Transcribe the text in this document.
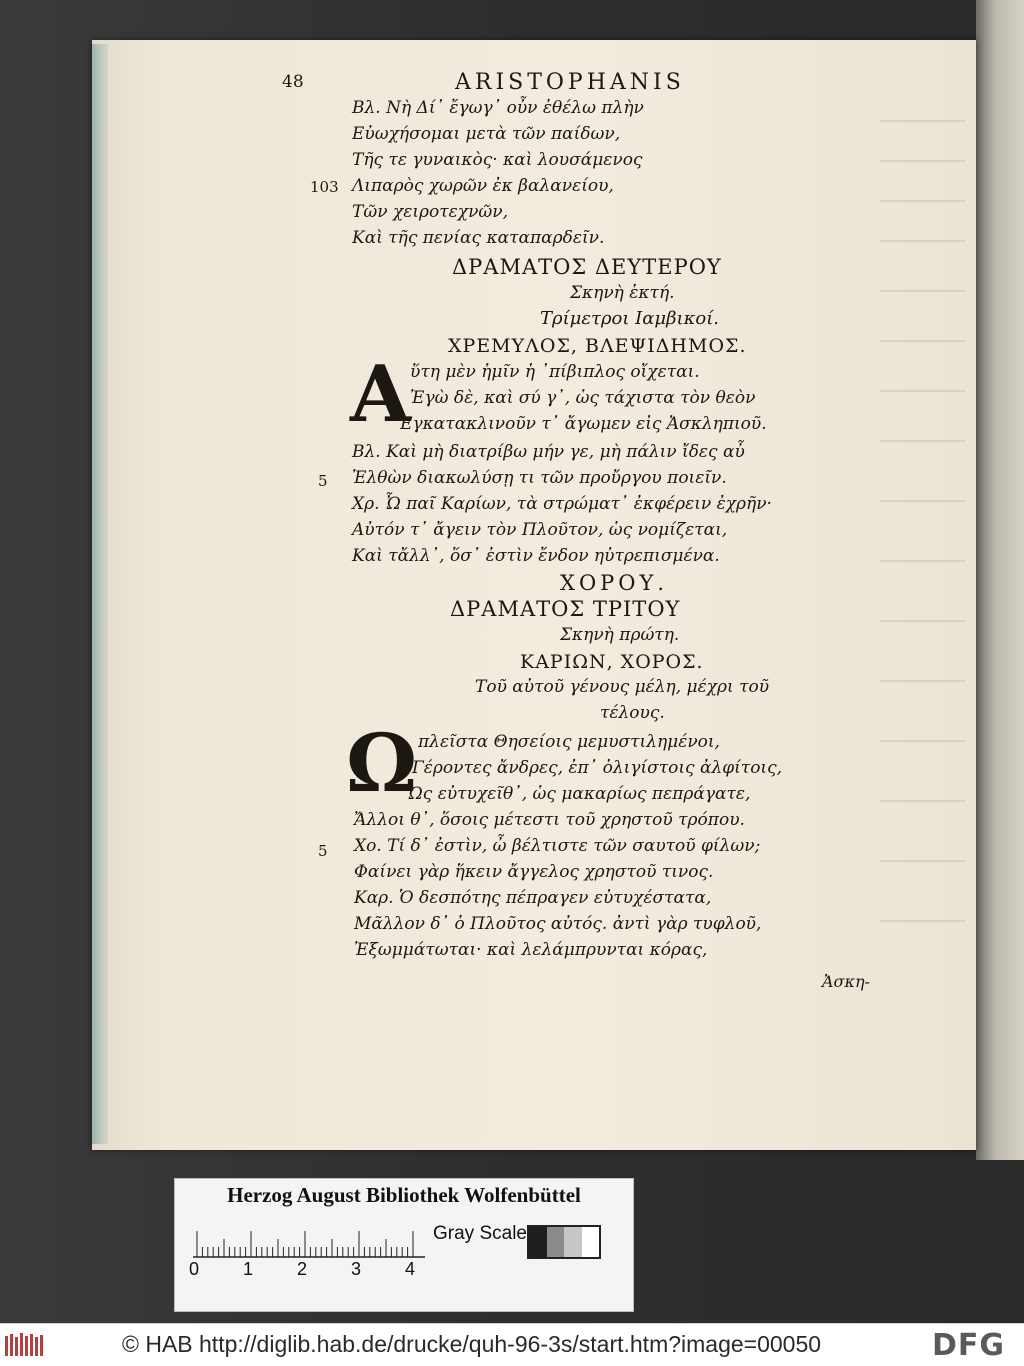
48	ARISTOPHANIS
Βλ. Νὴ Δί᾽ ἔγωγ᾽ οὖν ἐθέλω πλὴν
Εὐωχήσομαι μετὰ τῶν παίδων,
Τῆς τε γυναικὸς· καὶ λουσάμενος
103 Λιπαρὸς χωρῶν ἐκ βαλανείου,
Τῶν χειροτεχνῶν,
Καὶ τῆς πενίας καταπαρδεῖν.
ΔΡΑΜΑΤΟΣ ΔΕΥΤΕΡΟΥ
Σκηνὴ ἑκτή.
Τρίμετροι Ιαμβικοί.
ΧΡΕΜΥΛΟΣ, ΒΛΕΨΙΔΗΜΟΣ.
A ὕτη μὲν ἡμῖν ἡ ᾽πίβιπλος οἴχεται.
Ἐγὼ δὲ, καὶ σύ γ᾽, ὡς τάχιστα τὸν θεὸν
Ἐγκατακλινοῦν τ᾽ ἄγωμεν εἰς Ἀσκληπιοῦ.
Βλ. Καὶ μὴ διατρίβω μήν γε, μὴ πάλιν ἴδες αὖ
5 Ἐλθὼν διακωλύσῃ τι τῶν προὔργου ποιεῖν.
Χρ. Ὦ παῖ Καρίων, τὰ στρώματ᾽ ἐκφέρειν ἐχρῆν·
Αὐτόν τ᾽ ἄγειν τὸν Πλοῦτον, ὡς νομίζεται,
Καὶ τἄλλ᾽, ὅσ᾽ ἐστὶν ἔνδον ηὐτρεπισμένα.
ΧΟΡΟΥ.
ΔΡΑΜΑΤΟΣ ΤΡΙΤΟΥ
Σκηνὴ πρώτη.
ΚΑΡΙΩΝ, ΧΟΡΟΣ.
Τοῦ αὐτοῦ γένους μέλη, μέχρι τοῦ
τέλους.
Ω πλεῖστα Θησείοις μεμυστιλημένοι,
Γέροντες ἄνδρες, ἐπ᾽ ὀλιγίστοις ἀλφίτοις,
Ὡς εὐτυχεῖθ᾽, ὡς μακαρίως πεπράγατε,
Ἄλλοι θ᾽, ὅσοις μέτεστι τοῦ χρηστοῦ τρόπου.
5 Χο. Τί δ᾽ ἐστὶν, ὦ βέλτιστε τῶν σαυτοῦ φίλων;
Φαίνει γὰρ ἥκειν ἄγγελος χρηστοῦ τινος.
Καρ. Ὁ δεσπότης πέπραγεν εὐτυχέστατα,
Μᾶλλον δ᾽ ὁ Πλοῦτος αὐτός. ἀντὶ γὰρ τυφλοῦ,
Ἐξωμμάτωται· καὶ λελάμπρυνται κόρας,
Ἀσκη-
Herzog August Bibliothek Wolfenbüttel
0 1 2 3 4
Gray Scale
© HAB http://diglib.hab.de/drucke/quh-96-3s/start.htm?image=00050	DFG
